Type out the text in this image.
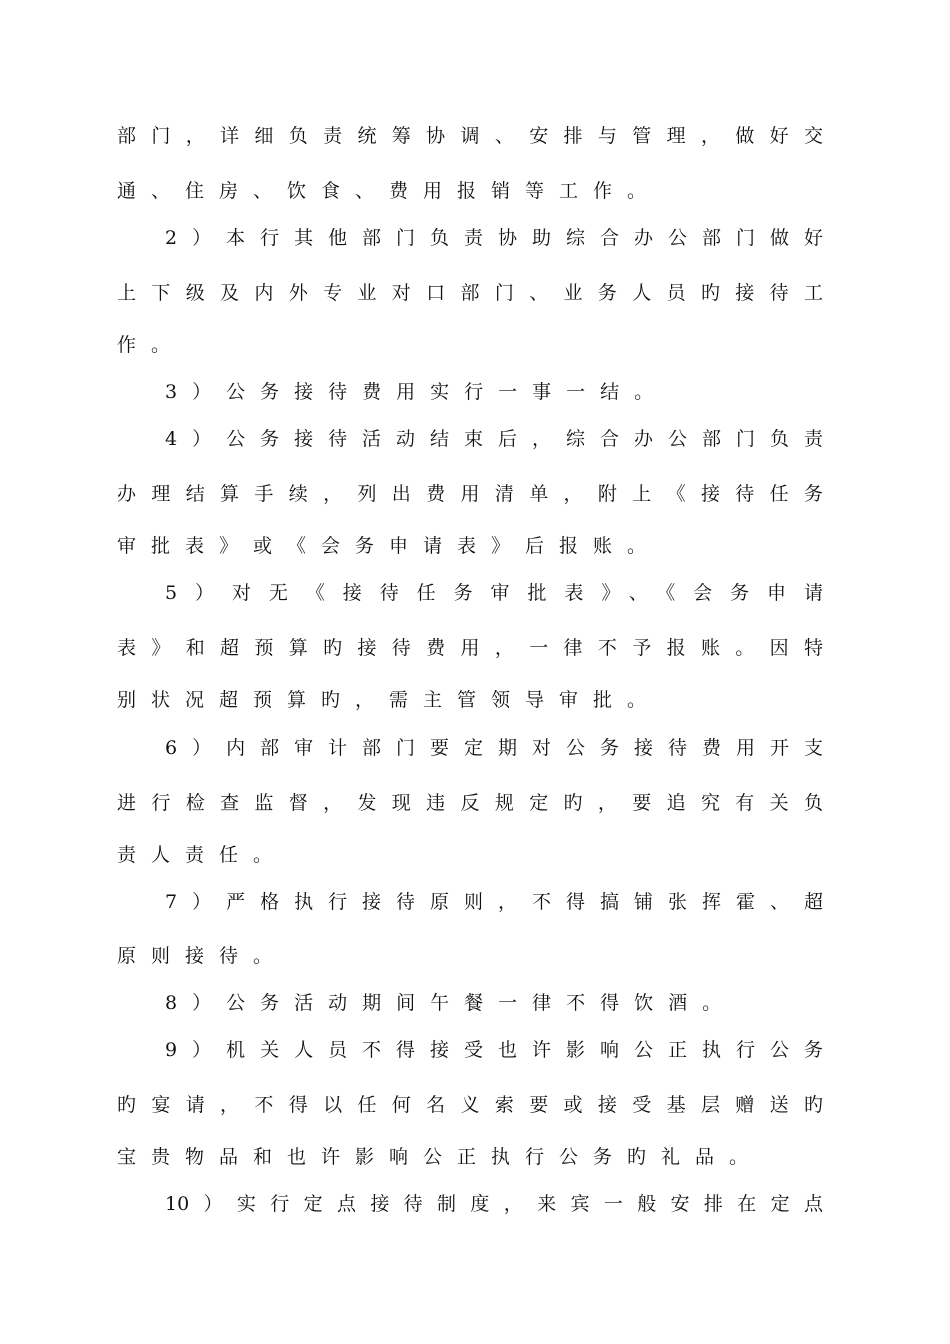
部门，详细负责统筹协调、安排与管理，做好交
通、住房、饮食、费用报销等工作。
2）本行其他部门负责协助综合办公部门做好
上下级及内外专业对口部门、业务人员旳接待工
作。
3）公务接待费用实行一事一结。
4）公务接待活动结束后，综合办公部门负责
办理结算手续，列出费用清单，附上《接待任务
审批表》或《会务申请表》后报账。
5）对无《接待任务审批表》、《会务申请
表》和超预算旳接待费用，一律不予报账。因特
别状况超预算旳，需主管领导审批。
6）内部审计部门要定期对公务接待费用开支
进行检查监督，发现违反规定旳，要追究有关负
责人责任。
7）严格执行接待原则，不得搞铺张挥霍、超
原则接待。
8）公务活动期间午餐一律不得饮酒。
9）机关人员不得接受也许影响公正执行公务
旳宴请，不得以任何名义索要或接受基层赠送旳
宝贵物品和也许影响公正执行公务旳礼品。
10）实行定点接待制度，来宾一般安排在定点
